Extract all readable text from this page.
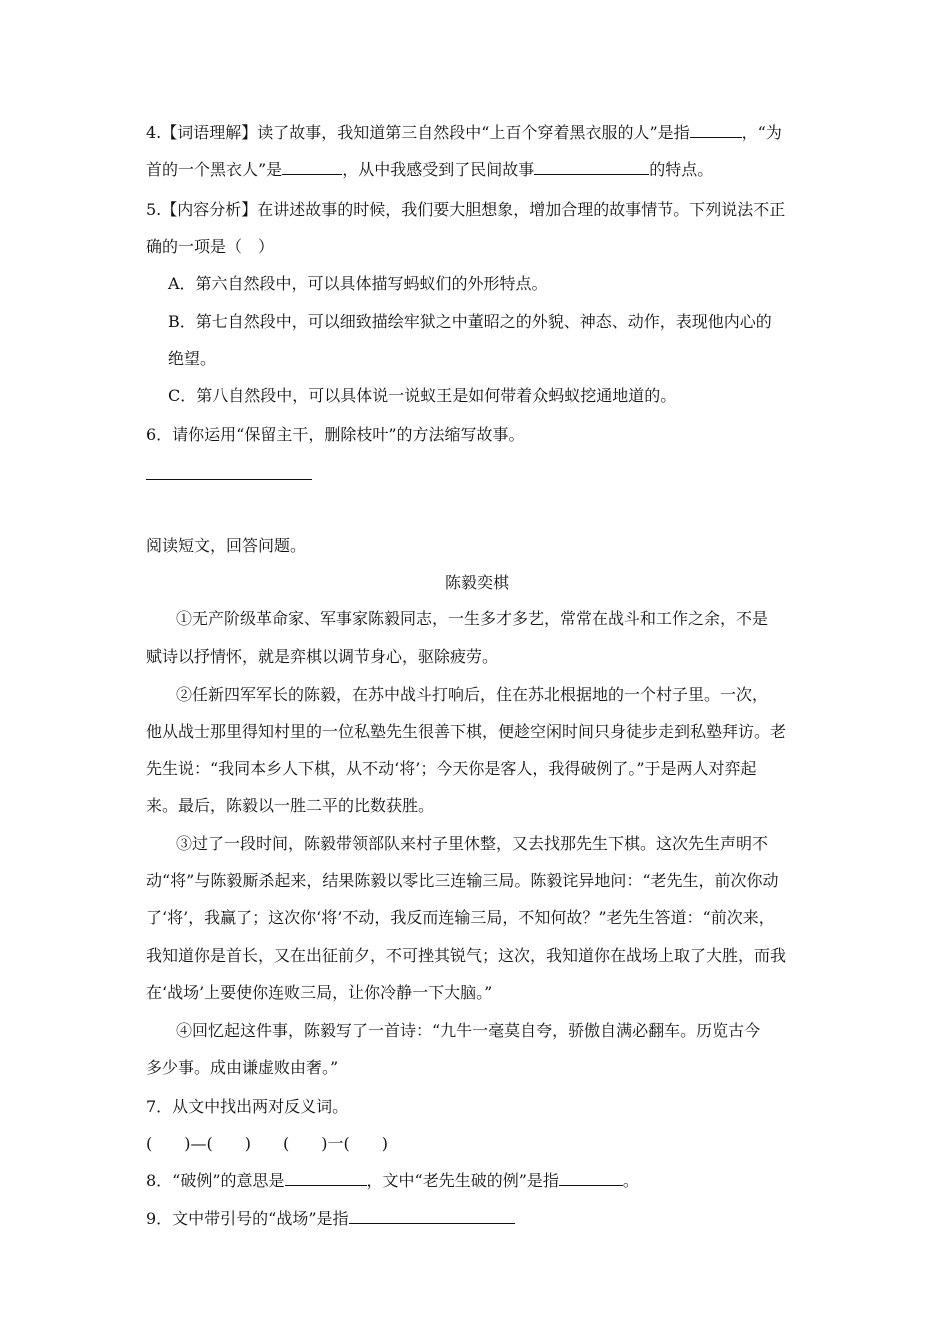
4.【词语理解】读了故事，我知道第三自然段中“上百个穿着黑衣服的人”是指	，“为
首的一个黑衣人”是	，从中我感受到了民间故事	的特点。
5.【内容分析】在讲述故事的时候，我们要大胆想象，增加合理的故事情节。下列说法不正
确的一项是（　）
A．第六自然段中，可以具体描写蚂蚁们的外形特点。
B．第七自然段中，可以细致描绘牢狱之中董昭之的外貌、神态、动作，表现他内心的
绝望。
C．第八自然段中，可以具体说一说蚁王是如何带着众蚂蚁挖通地道的。
6．请你运用“保留主干，删除枝叶”的方法缩写故事。
阅读短文，回答问题。
陈毅奕棋
①无产阶级革命家、军事家陈毅同志，一生多才多艺，常常在战斗和工作之余，不是
赋诗以抒情怀，就是弈棋以调节身心，驱除疲劳。
②任新四军军长的陈毅，在苏中战斗打响后，住在苏北根据地的一个村子里。一次，
他从战士那里得知村里的一位私塾先生很善下棋，便趁空闲时间只身徒步走到私塾拜访。老
先生说：“我同本乡人下棋，从不动‘将’；今天你是客人，我得破例了。”于是两人对弈起
来。最后，陈毅以一胜二平的比数获胜。
③过了一段时间，陈毅带领部队来村子里休整，又去找那先生下棋。这次先生声明不
动“将”与陈毅厮杀起来，结果陈毅以零比三连输三局。陈毅诧异地问：“老先生，前次你动
了‘将’，我赢了；这次你‘将’不动，我反而连输三局，不知何故？”老先生答道：“前次来，
我知道你是首长，又在出征前夕，不可挫其锐气；这次，我知道你在战场上取了大胜，而我
在‘战场’上要使你连败三局，让你冷静一下大脑。”
④回忆起这件事，陈毅写了一首诗：“九牛一毫莫自夸，骄傲自满必翻车。历览古今
多少事。成由谦虚败由奢。”
7．从文中找出两对反义词。
(　　)—(　　)　　(　　)一(　　)
8．“破例”的意思是	，文中“老先生破的例”是指	。
9．文中带引号的“战场”是指
